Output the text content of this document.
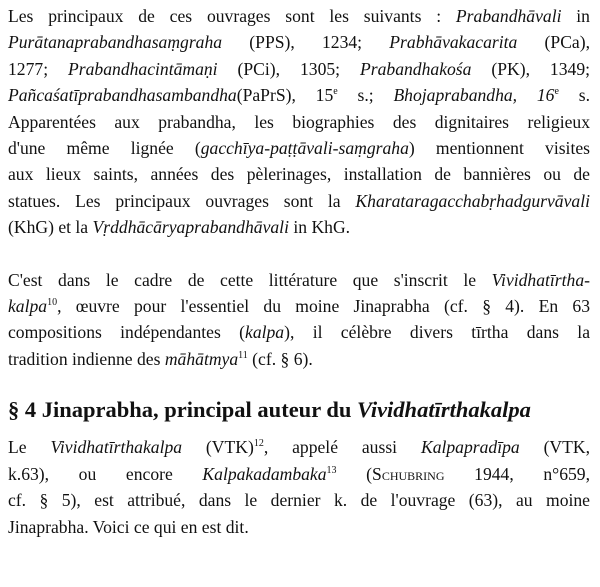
Les principaux de ces ouvrages sont les suivants : Prabandhāvali in
Purātanaprabandhasaṃgraha (PPS), 1234; Prabhāvakacarita (PCa),
1277; Prabandhacintāmaṇi (PCi), 1305; Prabandhakośa (PK), 1349;
Pañcaśatīprabandhasambandha(PaPrS), 15e s.; Bhojaprabandha, 16e s.
Apparentées aux prabandha, les biographies des dignitaires religieux
d'une même lignée (gacchīya-paṭṭāvali-saṃgraha) mentionnent visites
aux lieux saints, années des pèlerinages, installation de bannières ou de
statues. Les principaux ouvrages sont la Kharataragacchabṛhadgurvāvali
(KhG) et la Vṛddhācāryaprabandhāvali in KhG.

C'est dans le cadre de cette littérature que s'inscrit le Vividhatīrtha-
kalpa$^{10}$, œuvre pour l'essentiel du moine Jinaprabha (cf. § 4). En 63
compositions indépendantes (kalpa), il célèbre divers tīrtha dans la
tradition indienne des māhātmya$^{11}$ (cf. § 6).

§ 4 Jinaprabha, principal auteur du Vividhatīrthakalpa

Le Vividhatīrthakalpa (VTK)$^{12}$, appelé aussi Kalpapradīpa (VTK,
k.63), ou encore Kalpakadambaka$^{13}$ (Schubring 1944, n°659,
cf. § 5), est attribué, dans le dernier k. de l'ouvrage (63), au moine
Jinaprabha. Voici ce qui en est dit.
